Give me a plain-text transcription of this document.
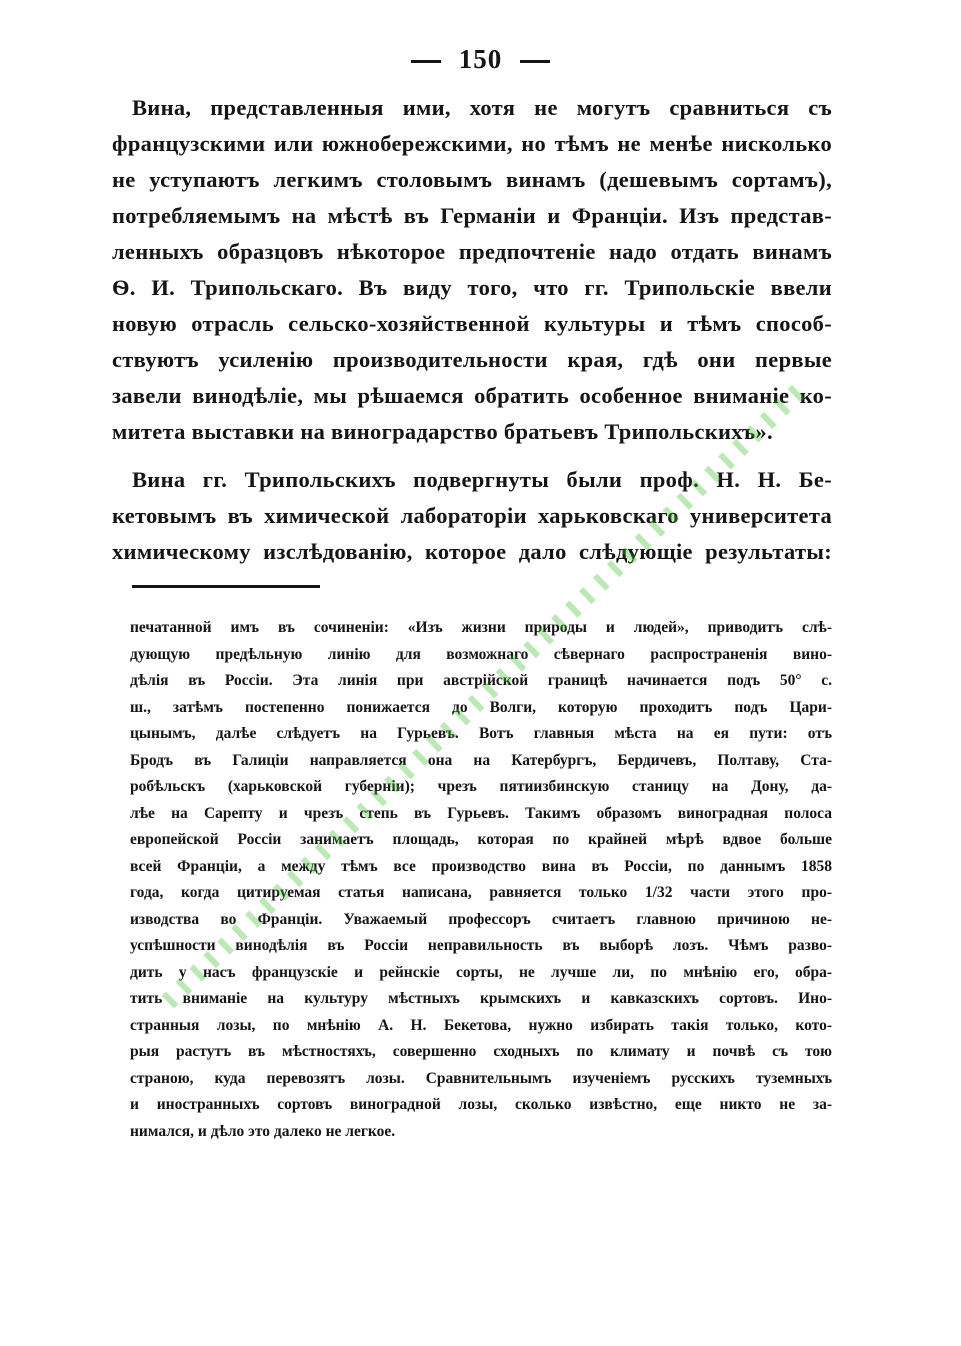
150
Вина, представленныя ими, хотя не могутъ сравниться съ
французскими или южнобережскими, но тѣмъ не менѣе нисколько
не уступаютъ легкимъ столовымъ винамъ (дешевымъ сортамъ),
потребляемымъ на мѣстѣ въ Германіи и Франціи. Изъ представ-
ленныхъ образцовъ нѣкоторое предпочтеніе надо отдать винамъ
Ѳ. И. Трипольскаго. Въ виду того, что гг. Трипольскіе ввели
новую отрасль сельско-хозяйственной культуры и тѣмъ способ-
ствуютъ усиленію производительности края, гдѣ они первые
завели винодѣліе, мы рѣшаемся обратить особенное вниманіе ко-
митета выставки на виноградарство братьевъ Трипольскихъ».
Вина гг. Трипольскихъ подвергнуты были проф. Н. Н. Бе-
кетовымъ въ химической лабораторіи харьковскаго университета
химическому изслѣдованію, которое дало слѣдующіе результаты:
печатанной имъ въ сочиненіи: «Изъ жизни природы и людей», приводитъ слѣ-
дующую предѣльную линію для возможнаго сѣвернаго распространенія вино-
дѣлія въ Россіи. Эта линія при австрійской границѣ начинается подъ 50° с.
ш., затѣмъ постепенно понижается до Волги, которую проходитъ подъ Цари-
цынымъ, далѣе слѣдуетъ на Гурьевъ. Вотъ главныя мѣста на ея пути: отъ
Бродъ въ Галиціи направляется она на Катербургъ, Бердичевъ, Полтаву, Ста-
робѣльскъ (харьковской губерніи); чрезъ пятиизбинскую станицу на Дону, да-
лѣе на Сарепту и чрезъ степь въ Гурьевъ. Такимъ образомъ виноградная полоса
европейской Россіи занимаетъ площадь, которая по крайней мѣрѣ вдвое больше
всей Франціи, а между тѣмъ все производство вина въ Россіи, по даннымъ 1858
года, когда цитируемая статья написана, равняется только 1/32 части этого про-
изводства во Франціи. Уважаемый профессоръ считаетъ главною причиною не-
успѣшности винодѣлія въ Россіи неправильность въ выборѣ лозъ. Чѣмъ разво-
дить у насъ французскіе и рейнскіе сорты, не лучше ли, по мнѣнію его, обра-
тить вниманіе на культуру мѣстныхъ крымскихъ и кавказскихъ сортовъ. Ино-
странныя лозы, по мнѣнію А. Н. Бекетова, нужно избирать такія только, кото-
рыя растутъ въ мѣстностяхъ, совершенно сходныхъ по климату и почвѣ съ тою
страною, куда перевозятъ лозы. Сравнительнымъ изученіемъ русскихъ туземныхъ
и иностранныхъ сортовъ виноградной лозы, сколько извѣстно, еще никто не за-
нимался, и дѣло это далеко не легкое.
